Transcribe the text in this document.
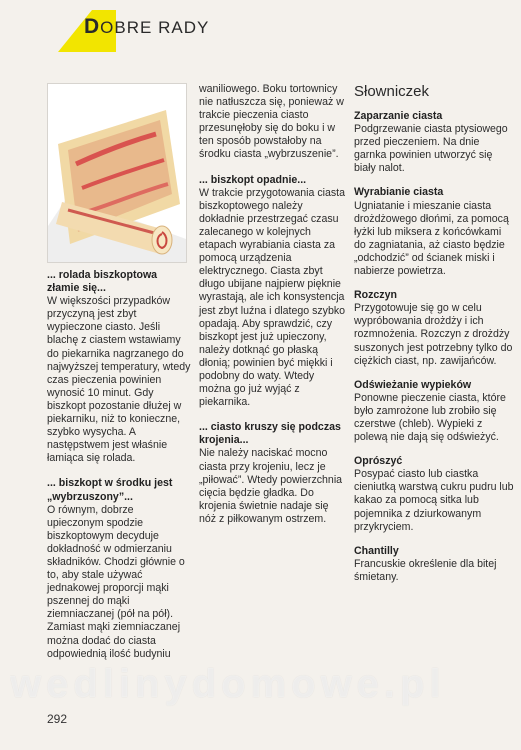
DOBRE RADY

... rolada biszkoptowa złamie się...

W większości przypadków przyczyną jest zbyt wypieczone ciasto. Jeśli blachę z ciastem wstawiamy do piekarnika nagrzanego do najwyższej temperatury, wtedy czas pieczenia powinien wynosić 10 minut. Gdy biszkopt pozostanie dłużej w piekarniku, niż to konieczne, szybko wysycha. A następstwem jest właśnie łamiąca się rolada.

... biszkopt w środku jest „wybrzuszony”...

O równym, dobrze upieczonym spodzie biszkoptowym decyduje dokładność w odmierzaniu składników. Chodzi głównie o to, aby stale używać jednakowej proporcji mąki pszennej do mąki ziemniaczanej (pół na pół). Zamiast mąki ziemniaczanej można dodać do ciasta odpowiednią ilość budyniu

waniliowego. Boku tortownicy nie natłuszcza się, ponieważ w trakcie pieczenia ciasto przesunęłoby się do boku i w ten sposób powstałoby na środku ciasta „wybrzuszenie”.

... biszkopt opadnie...

W trakcie przygotowania ciasta biszkoptowego należy dokładnie przestrzegać czasu zalecanego w kolejnych etapach wyrabiania ciasta za pomocą urządzenia elektrycznego. Ciasta zbyt długo ubijane najpierw pięknie wyrastają, ale ich konsystencja jest zbyt luźna i dlatego szybko opadają. Aby sprawdzić, czy biszkopt jest już upieczony, należy dotknąć go płaską dłonią; powinien być miękki i podobny do waty. Wtedy można go już wyjąć z piekarnika.

... ciasto kruszy się podczas krojenia...

Nie należy naciskać mocno ciasta przy krojeniu, lecz je „piłować”. Wtedy powierzchnia cięcia będzie gładka. Do krojenia świetnie nadaje się nóż z piłkowanym ostrzem.

Słowniczek

Zaparzanie ciasta

Podgrzewanie ciasta ptysiowego przed pieczeniem. Na dnie garnka powinien utworzyć się biały nalot.

Wyrabianie ciasta

Ugniatanie i mieszanie ciasta drożdżowego dłońmi, za pomocą łyżki lub miksera z końcówkami do zagniatania, aż ciasto będzie „odchodzić” od ścianek miski i nabierze powietrza.

Rozczyn

Przygotowuje się go w celu wypróbowania drożdży i ich rozmnożenia. Rozczyn z drożdży suszonych jest potrzebny tylko do ciężkich ciast, np. zawijańców.

Odświeżanie wypieków

Ponowne pieczenie ciasta, które było zamrożone lub zrobiło się czerstwe (chleb). Wypieki z polewą nie dają się odświeżyć.

Oprószyć

Posypać ciasto lub ciastka cieniutką warstwą cukru pudru lub kakao za pomocą sitka lub pojemnika z dziurkowanym przykryciem.

Chantilly

Francuskie określenie dla bitej śmietany.

wedlinydomowe.pl
292
